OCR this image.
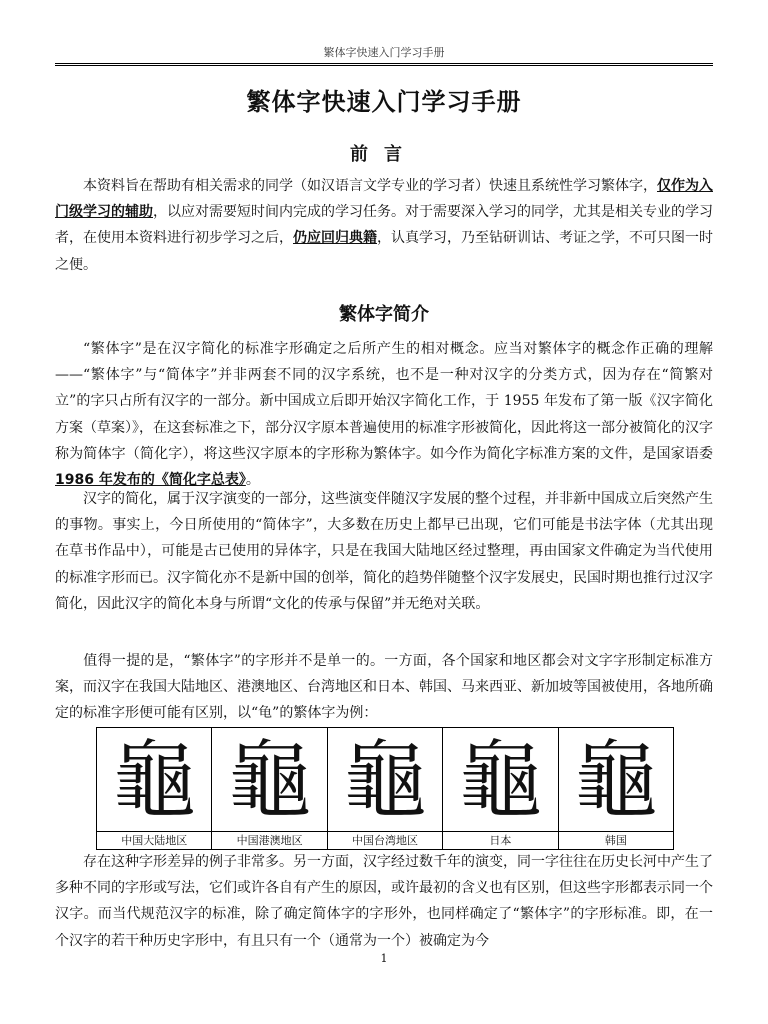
繁体字快速入门学习手册
繁体字快速入门学习手册
前言

本资料旨在帮助有相关需求的同学（如汉语言文学专业的学习者）快速且系统性学习繁体字，仅作为入门级学习的辅助，以应对需要短时间内完成的学习任务。对于需要深入学习的同学，尤其是相关专业的学习者，在使用本资料进行初步学习之后，仍应回归典籍，认真学习，乃至钻研训诂、考证之学，不可只图一时之便。

繁体字简介

“繁体字”是在汉字简化的标准字形确定之后所产生的相对概念。应当对繁体字的概念作正确的理解——“繁体字”与“简体字”并非两套不同的汉字系统，也不是一种对汉字的分类方式，因为存在“简繁对立”的字只占所有汉字的一部分。新中国成立后即开始汉字简化工作，于 1955 年发布了第一版《汉字简化方案（草案）》，在这套标准之下，部分汉字原本普遍使用的标准字形被简化，因此将这一部分被简化的汉字称为简体字（简化字），将这些汉字原本的字形称为繁体字。如今作为简化字标准方案的文件，是国家语委1986 年发布的《简化字总表》。

汉字的简化，属于汉字演变的一部分，这些演变伴随汉字发展的整个过程，并非新中国成立后突然产生的事物。事实上，今日所使用的“简体字”，大多数在历史上都早已出现，它们可能是书法字体（尤其出现在草书作品中），可能是古已使用的异体字，只是在我国大陆地区经过整理，再由国家文件确定为当代使用的标准字形而已。汉字简化亦不是新中国的创举，简化的趋势伴随整个汉字发展史，民国时期也推行过汉字简化，因此汉字的简化本身与所谓“文化的传承与保留”并无绝对关联。

值得一提的是，“繁体字”的字形并不是单一的。一方面，各个国家和地区都会对文字字形制定标准方案，而汉字在我国大陆地区、港澳地区、台湾地区和日本、韩国、马来西亚、新加坡等国被使用，各地所确定的标准字形便可能有区别，以“龟”的繁体字为例：

龜
中国大陆地区
龜
中国港澳地区
龜
中国台湾地区
龜
日本
龜
韩国

存在这种字形差异的例子非常多。另一方面，汉字经过数千年的演变，同一字往往在历史长河中产生了多种不同的字形或写法，它们或许各自有产生的原因，或许最初的含义也有区别，但这些字形都表示同一个汉字。而当代规范汉字的标准，除了确定简体字的字形外，也同样确定了“繁体字”的字形标准。即，在一个汉字的若干种历史字形中，有且只有一个（通常为一个）被确定为今

1
